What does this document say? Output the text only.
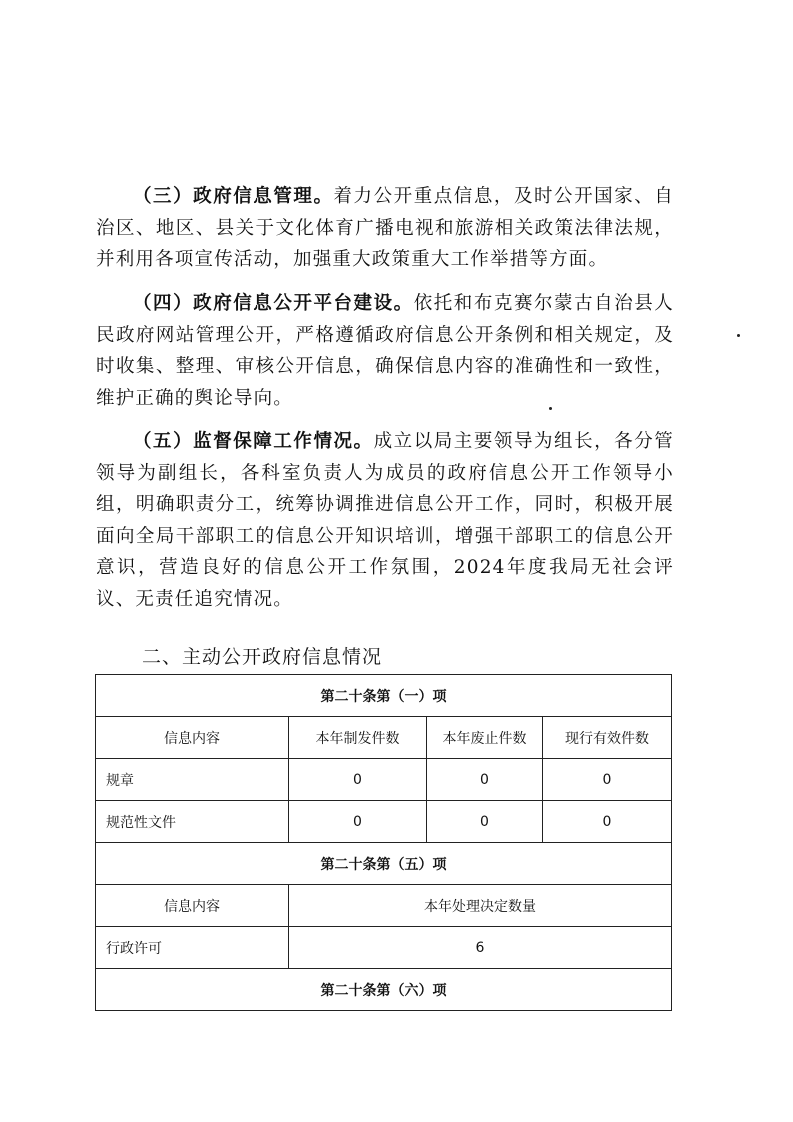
（三）政府信息管理。着力公开重点信息，及时公开国家、自治区、地区、县关于文化体育广播电视和旅游相关政策法律法规，并利用各项宣传活动，加强重大政策重大工作举措等方面。

（四）政府信息公开平台建设。依托和布克赛尔蒙古自治县人民政府网站管理公开，严格遵循政府信息公开条例和相关规定，及时收集、整理、审核公开信息，确保信息内容的准确性和一致性，维护正确的舆论导向。

（五）监督保障工作情况。成立以局主要领导为组长，各分管领导为副组长，各科室负责人为成员的政府信息公开工作领导小组，明确职责分工，统筹协调推进信息公开工作，同时，积极开展面向全局干部职工的信息公开知识培训，增强干部职工的信息公开意识，营造良好的信息公开工作氛围，2024年度我局无社会评议、无责任追究情况。

二、主动公开政府信息情况
第二十条第（一）项			
信息内容	本年制发件数	本年废止件数	现行有效件数
规章	0	0	0
规范性文件	0	0	0
第二十条第（五）项			
信息内容	本年处理决定数量		
行政许可	6		
第二十条第（六）项			
